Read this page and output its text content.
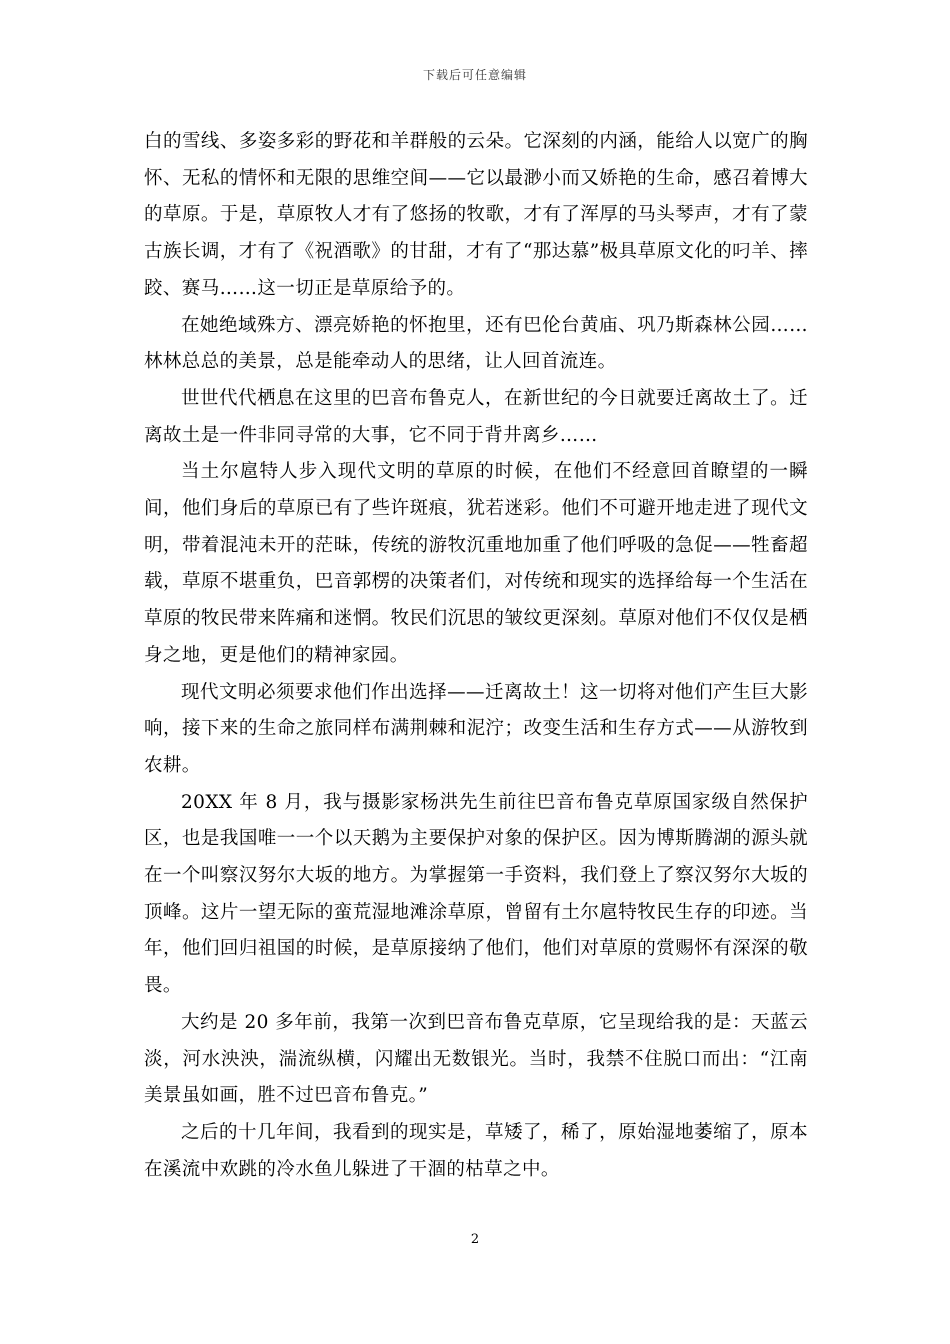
下载后可任意编辑

白的雪线、多姿多彩的野花和羊群般的云朵。它深刻的内涵，能给人以宽广的胸怀、无私的情怀和无限的思维空间——它以最渺小而又娇艳的生命，感召着博大的草原。于是，草原牧人才有了悠扬的牧歌，才有了浑厚的马头琴声，才有了蒙古族长调，才有了《祝酒歌》的甘甜，才有了“那达慕”极具草原文化的叼羊、摔跤、赛马……这一切正是草原给予的。

在她绝域殊方、漂亮娇艳的怀抱里，还有巴伦台黄庙、巩乃斯森林公园……林林总总的美景，总是能牵动人的思绪，让人回首流连。

世世代代栖息在这里的巴音布鲁克人，在新世纪的今日就要迁离故土了。迁离故土是一件非同寻常的大事，它不同于背井离乡……

当土尔扈特人步入现代文明的草原的时候，在他们不经意回首瞭望的一瞬间，他们身后的草原已有了些许斑痕，犹若迷彩。他们不可避开地走进了现代文明，带着混沌未开的茫昧，传统的游牧沉重地加重了他们呼吸的急促——牲畜超载，草原不堪重负，巴音郭楞的决策者们，对传统和现实的选择给每一个生活在草原的牧民带来阵痛和迷惘。牧民们沉思的皱纹更深刻。草原对他们不仅仅是栖身之地，更是他们的精神家园。

现代文明必须要求他们作出选择——迁离故土！这一切将对他们产生巨大影响，接下来的生命之旅同样布满荆棘和泥泞；改变生活和生存方式——从游牧到农耕。

20XX 年 8 月，我与摄影家杨洪先生前往巴音布鲁克草原国家级自然保护区，也是我国唯一一个以天鹅为主要保护对象的保护区。因为博斯腾湖的源头就在一个叫察汉努尔大坂的地方。为掌握第一手资料，我们登上了察汉努尔大坂的顶峰。这片一望无际的蛮荒湿地滩涂草原，曾留有土尔扈特牧民生存的印迹。当年，他们回归祖国的时候，是草原接纳了他们，他们对草原的赏赐怀有深深的敬畏。

大约是 20 多年前，我第一次到巴音布鲁克草原，它呈现给我的是：天蓝云淡，河水泱泱，湍流纵横，闪耀出无数银光。当时，我禁不住脱口而出：“江南美景虽如画，胜不过巴音布鲁克。”

之后的十几年间，我看到的现实是，草矮了，稀了，原始湿地萎缩了，原本在溪流中欢跳的冷水鱼儿躲进了干涸的枯草之中。

2
